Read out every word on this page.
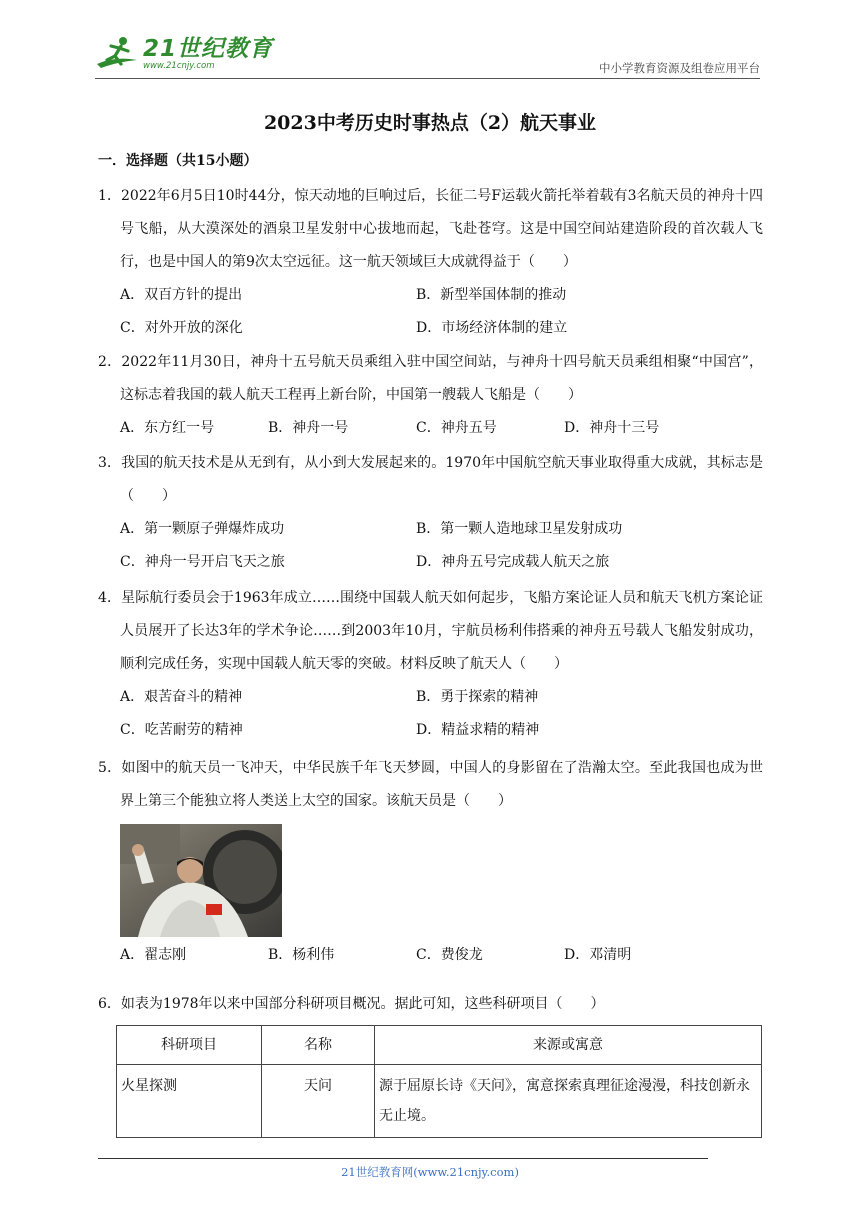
21世纪教育
www.21cnjy.com	中小学教育资源及组卷应用平台
2023中考历史时事热点（2）航天事业
一．选择题（共15小题）
1．2022年6月5日10时44分，惊天动地的巨响过后，长征二号F运载火箭托举着载有3名航天员的神舟十四号飞船，从大漠深处的酒泉卫星发射中心拔地而起，飞赴苍穹。这是中国空间站建造阶段的首次载人飞行，也是中国人的第9次太空远征。这一航天领域巨大成就得益于（　　）
A．双百方针的提出	B．新型举国体制的推动
C．对外开放的深化	D．市场经济体制的建立
2．2022年11月30日，神舟十五号航天员乘组入驻中国空间站，与神舟十四号航天员乘组相聚“中国宫”，这标志着我国的载人航天工程再上新台阶，中国第一艘载人飞船是（　　）
A．东方红一号	B．神舟一号	C．神舟五号	D．神舟十三号
3．我国的航天技术是从无到有，从小到大发展起来的。1970年中国航空航天事业取得重大成就，其标志是（　　）
A．第一颗原子弹爆炸成功	B．第一颗人造地球卫星发射成功
C．神舟一号开启飞天之旅	D．神舟五号完成载人航天之旅
4．星际航行委员会于1963年成立……围绕中国载人航天如何起步，飞船方案论证人员和航天飞机方案论证人员展开了长达3年的学术争论……到2003年10月，宇航员杨利伟搭乘的神舟五号载人飞船发射成功，顺利完成任务，实现中国载人航天零的突破。材料反映了航天人（　　）
A．艰苦奋斗的精神	B．勇于探索的精神
C．吃苦耐劳的精神	D．精益求精的精神
5．如图中的航天员一飞冲天，中华民族千年飞天梦圆，中国人的身影留在了浩瀚太空。至此我国也成为世界上第三个能独立将人类送上太空的国家。该航天员是（　　）
A．翟志刚	B．杨利伟	C．费俊龙	D．邓清明
6．如表为1978年以来中国部分科研项目概况。据此可知，这些科研项目（　　）
科研项目	名称	来源或寓意
火星探测	天问	源于屈原长诗《天问》，寓意探索真理征途漫漫，科技创新永无止境。
21世纪教育网(www.21cnjy.com)
